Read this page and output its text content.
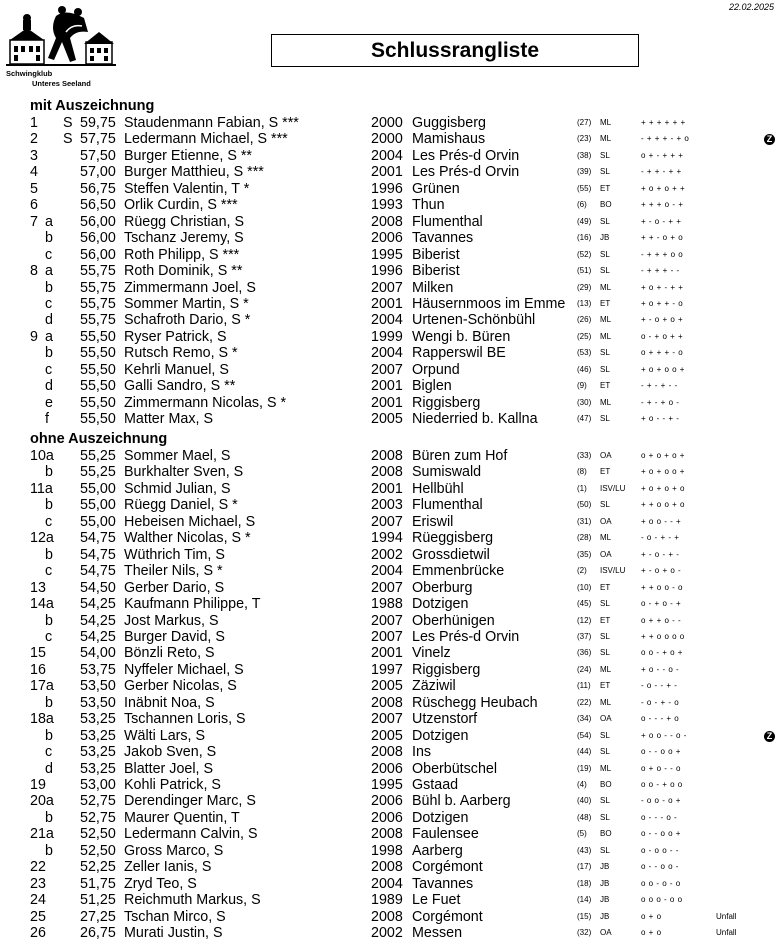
22.02.2025
Schwingklub
Unteres Seeland
Schlussrangliste
mit Auszeichnung
1 S 59,75 Staudenmann Fabian, S ***	2000 Guggisberg	(27) ML	+ + + + + +
2 S 57,75 Ledermann Michael, S ***	2000 Mamishaus	(23) ML	- + + + - + o	Z
3	57,50 Burger Etienne, S **	2004 Les Prés-d Orvin	(38) SL	o + - + + +
4	57,00 Burger Matthieu, S ***	2001 Les Prés-d Orvin	(39) SL	- + + - + +
5	56,75 Steffen Valentin, T *	1996 Grünen	(55) ET	+ o + o + +
6	56,50 Orlik Curdin, S ***	1993 Thun	(6) BO	+ + + o - +
7 a 56,00 Rüegg Christian, S	2008 Flumenthal	(49) SL	+ - o - + +
b 56,00 Tschanz Jeremy, S	2006 Tavannes	(16) JB	+ + - o + o
c 56,00 Roth Philipp, S ***	1995 Biberist	(52) SL	- + + + o o
8 a 55,75 Roth Dominik, S **	1996 Biberist	(51) SL	- + + + - -
b 55,75 Zimmermann Joel, S	2007 Milken	(29) ML	+ o + - + +
c 55,75 Sommer Martin, S *	2001 Häusernmoos im Emme (13) ET	+ o + + - o
d 55,75 Schafroth Dario, S *	2004 Urtenen-Schönbühl	(26) ML	+ - o + o +
9 a 55,50 Ryser Patrick, S	1999 Wengi b. Büren	(25) ML	o - + o + +
b 55,50 Rutsch Remo, S *	2004 Rapperswil BE	(53) SL	o + + + - o
c 55,50 Kehrli Manuel, S	2007 Orpund	(46) SL	+ o + o o +
d 55,50 Galli Sandro, S **	2001 Biglen	(9) ET	- + - + - -
e 55,50 Zimmermann Nicolas, S *	2001 Riggisberg	(30) ML	- + - + o -
f 55,50 Matter Max, S	2005 Niederried b. Kallna	(47) SL	+ o - - + -
ohne Auszeichnung
10a 55,25 Sommer Mael, S	2008 Büren zum Hof	(33) OA	o + o + o +
b 55,25 Burkhalter Sven, S	2008 Sumiswald	(8) ET	+ o + o o +
11a 55,00 Schmid Julian, S	2001 Hellbühl	(1) ISV/LU + o + o + o
b 55,00 Rüegg Daniel, S *	2003 Flumenthal	(50) SL	+ + o o + o
c 55,00 Hebeisen Michael, S	2007 Eriswil	(31) OA	+ o o - - +
12a 54,75 Walther Nicolas, S *	1994 Rüeggisberg	(28) ML	- o - + - +
b 54,75 Wüthrich Tim, S	2002 Grossdietwil	(35) OA	+ - o - + -
c 54,75 Theiler Nils, S *	2004 Emmenbrücke	(2) ISV/LU + - o + o -
13 54,50 Gerber Dario, S	2007 Oberburg	(10) ET	+ + o o - o
14a 54,25 Kaufmann Philippe, T	1988 Dotzigen	(45) SL	o - + o - +
b 54,25 Jost Markus, S	2007 Oberhünigen	(12) ET	o + + o - -
c 54,25 Burger David, S	2007 Les Prés-d Orvin	(37) SL	+ + o o o o
15 54,00 Bönzli Reto, S	2001 Vinelz	(36) SL	o o - + o +
16 53,75 Nyffeler Michael, S	1997 Riggisberg	(24) ML	+ o - - o -
17a 53,50 Gerber Nicolas, S	2005 Zäziwil	(11) ET	- o - - + -
b 53,50 Inäbnit Noa, S	2008 Rüschegg Heubach	(22) ML	- o - + - o
18a 53,25 Tschannen Loris, S	2007 Utzenstorf	(34) OA	o - - - + o
b 53,25 Wälti Lars, S	2005 Dotzigen	(54) SL	+ o o - - o -	Z
c 53,25 Jakob Sven, S	2008 Ins	(44) SL	o - - o o +
d 53,25 Blatter Joel, S	2006 Oberbütschel	(19) ML	o + o - - o
19 53,00 Kohli Patrick, S	1995 Gstaad	(4) BO	o o - + o o
20a 52,75 Derendinger Marc, S	2006 Bühl b. Aarberg	(40) SL	- o o - o +
b 52,75 Maurer Quentin, T	2006 Dotzigen	(48) SL	o - - - o -
21a 52,50 Ledermann Calvin, S	2008 Faulensee	(5) BO	o - - o o +
b 52,50 Gross Marco, S	1998 Aarberg	(43) SL	o - o o - -
22 52,25 Zeller Ianis, S	2008 Corgémont	(17) JB	o - - o o -
23 51,75 Zryd Teo, S	2004 Tavannes	(18) JB	o o - o - o
24 51,25 Reichmuth Markus, S	1989 Le Fuet	(14) JB	o o o - o o
25 27,25 Tschan Mirco, S	2008 Corgémont	(15) JB	o + o	Unfall
26 26,75 Murati Justin, S	2002 Messen	(32) OA	o + o	Unfall
